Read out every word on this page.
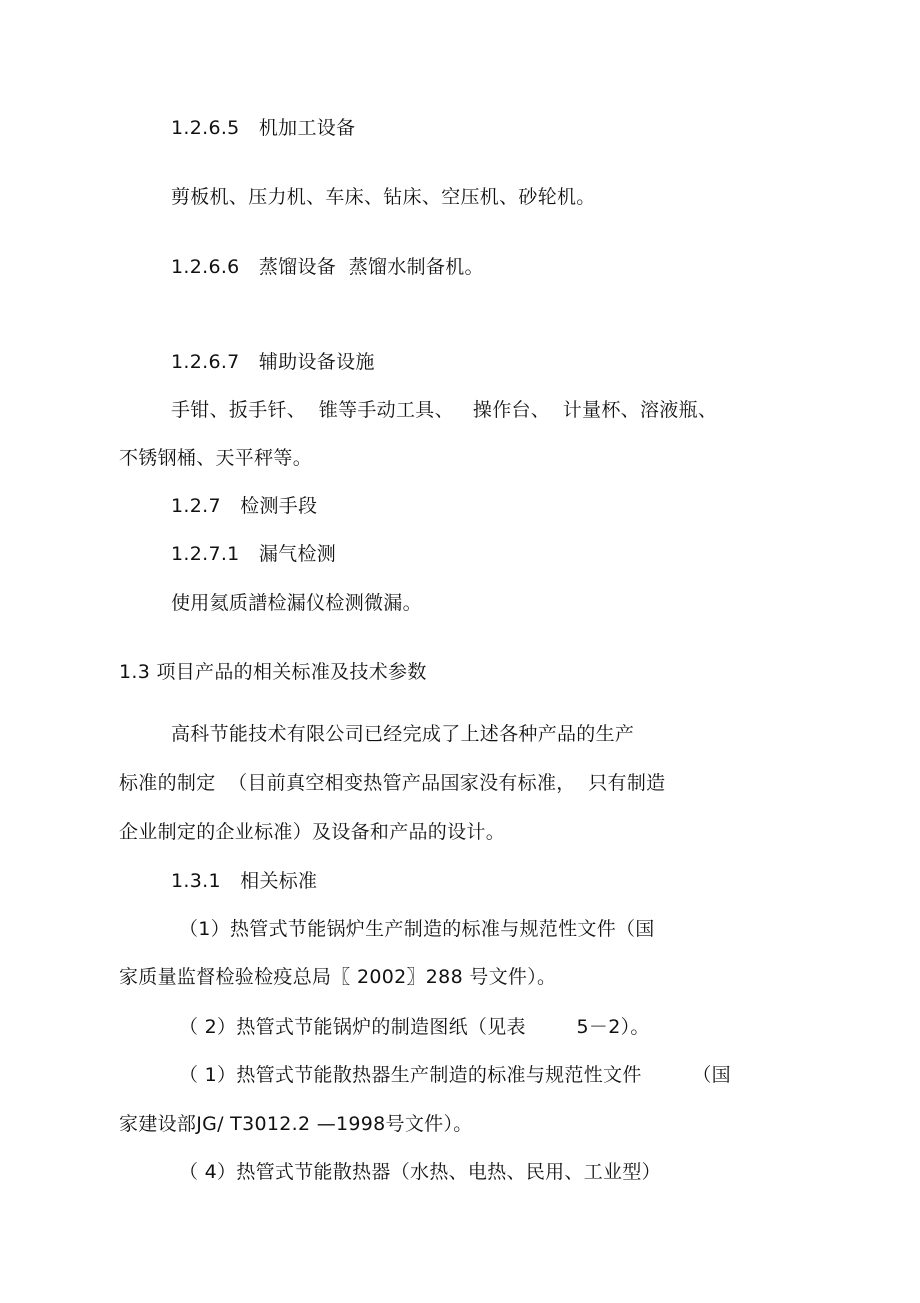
1.2.6.5　机加工设备
剪板机、压力机、车床、钻床、空压机、砂轮机。
1.2.6.6　蒸馏设备  蒸馏水制备机。
1.2.6.7　辅助设备设施
手钳、扳手钎、  锥等手动工具、   操作台、  计量杯、溶液瓶、
不锈钢桶、天平秤等。
1.2.7　检测手段
1.2.7.1　漏气检测
使用氦质譜检漏仪检测微漏。
1.3 项目产品的相关标准及技术参数
高科节能技术有限公司已经完成了上述各种产品的生产
标准的制定  （目前真空相变热管产品国家没有标准，  只有制造
企业制定的企业标准）及设备和产品的设计。
1.3.1　相关标准
（1）热管式节能锅炉生产制造的标准与规范性文件（国
家质量监督检验检疫总局〖 2002〗288 号文件）。
（ 2）热管式节能锅炉的制造图纸（见表        5－2）。
（ 1）热管式节能散热器生产制造的标准与规范性文件        （国
家建设部JG/ T3012.2 —1998号文件）。
（ 4）热管式节能散热器（水热、电热、民用、工业型）
